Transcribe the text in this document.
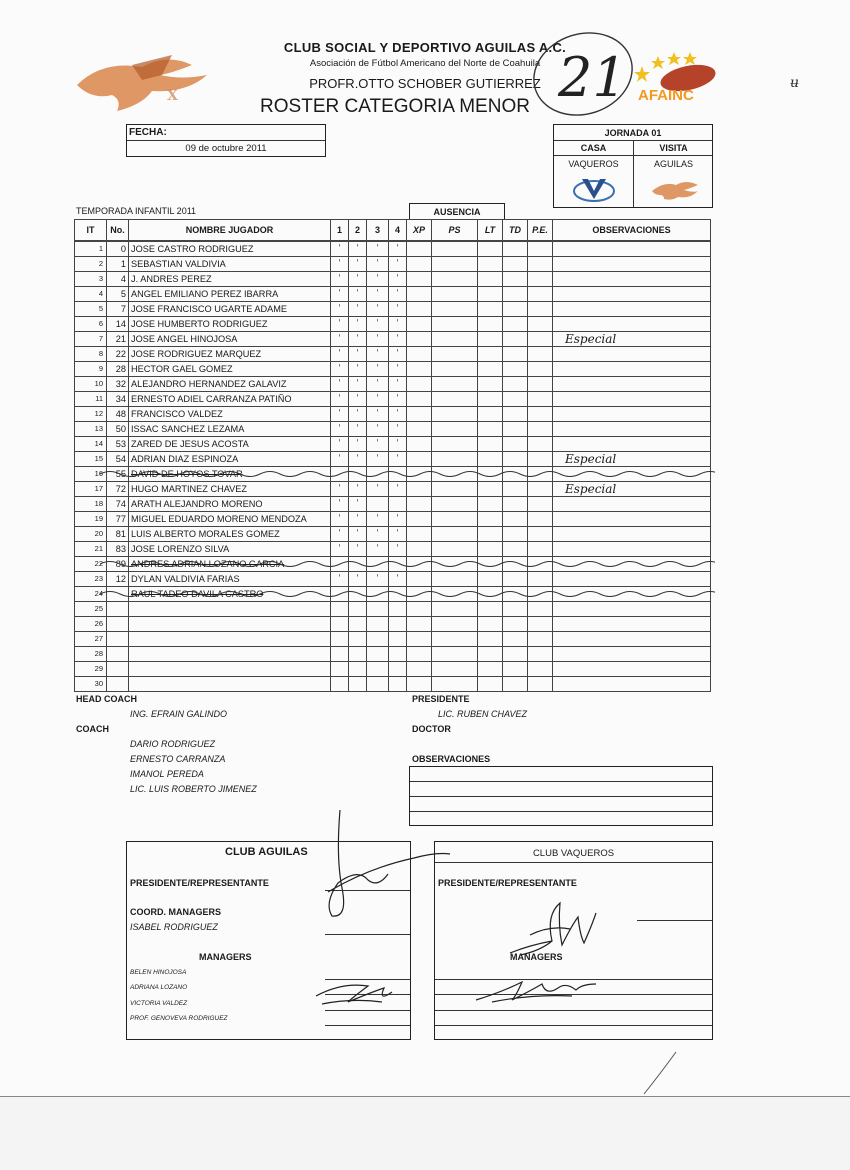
X	AFAINC
CLUB SOCIAL Y DEPORTIVO AGUILAS A.C.
Asociación de Fútbol Americano del Norte de Coahuila
PROFR.OTTO SCHOBER GUTIERREZ
ROSTER CATEGORIA MENOR 21	ʉ
FECHA:
09 de octubre 2011
JORNADA 01
CASA	VISITA
VAQUEROS	AGUILAS
TEMPORADA INFANTIL 2011	AUSENCIA
IT	No.	NOMBRE JUGADOR	1	2	3	4	XP	PS	LT	TD	P.E.	OBSERVACIONES
1	0	JOSE CASTRO RODRIGUEZ	ˈ	ˈ	ˈ	ˈ						
2	1	SEBASTIAN VALDIVIA	ˈ	ˈ	ˈ	ˈ						
3	4	J. ANDRES PEREZ	ˈ	ˈ	ˈ	ˈ						
4	5	ANGEL EMILIANO PEREZ IBARRA	ˈ	ˈ	ˈ	ˈ						
5	7	JOSE FRANCISCO UGARTE ADAME	ˈ	ˈ	ˈ	ˈ						
6	14	JOSE HUMBERTO RODRIGUEZ	ˈ	ˈ	ˈ	ˈ						
7	21	JOSE ANGEL HINOJOSA	ˈ	ˈ	ˈ	ˈ						Especial
8	22	JOSE RODRIGUEZ MARQUEZ	ˈ	ˈ	ˈ	ˈ						
9	28	HECTOR GAEL GOMEZ	ˈ	ˈ	ˈ	ˈ						
10	32	ALEJANDRO HERNANDEZ GALAVIZ	ˈ	ˈ	ˈ	ˈ						
11	34	ERNESTO ADIEL CARRANZA PATIÑO	ˈ	ˈ	ˈ	ˈ						
12	48	FRANCISCO VALDEZ	ˈ	ˈ	ˈ	ˈ						
13	50	ISSAC SANCHEZ LEZAMA	ˈ	ˈ	ˈ	ˈ						
14	53	ZARED DE JESUS ACOSTA	ˈ	ˈ	ˈ	ˈ						
15	54	ADRIAN DIAZ ESPINOZA	ˈ	ˈ	ˈ	ˈ						Especial
16	55	DAVID DE HOYOS TOVAR										
17	72	HUGO MARTINEZ CHAVEZ	ˈ	ˈ	ˈ	ˈ						Especial
18	74	ARATH ALEJANDRO MORENO	ˈ	ˈ								
19	77	MIGUEL EDUARDO MORENO MENDOZA	ˈ	ˈ	ˈ	ˈ						
20	81	LUIS ALBERTO MORALES GOMEZ	ˈ	ˈ	ˈ	ˈ						
21	83	JOSE LORENZO SILVA	ˈ	ˈ	ˈ	ˈ						
22	89	ANDRES ADRIAN LOZANO GARCIA										
23	12	DYLAN VALDIVIA FARIAS	ˈ	ˈ	ˈ	ˈ						
24		RAUL TADEO DAVILA CASTRO										
25												
26												
27												
28												
29												
30												
HEAD COACH
ING. EFRAIN GALINDO
COACH
DARIO RODRIGUEZ
ERNESTO CARRANZA
IMANOL PEREDA
LIC. LUIS ROBERTO JIMENEZ
PRESIDENTE
LIC. RUBEN CHAVEZ
DOCTOR
OBSERVACIONES
CLUB AGUILAS
PRESIDENTE/REPRESENTANTE
COORD. MANAGERS
ISABEL RODRIGUEZ
MANAGERS
BELEN HINOJOSA
ADRIANA LOZANO
VICTORIA VALDEZ
PROF. GENOVEVA RODRIGUEZ
CLUB VAQUEROS
PRESIDENTE/REPRESENTANTE
MANAGERS
